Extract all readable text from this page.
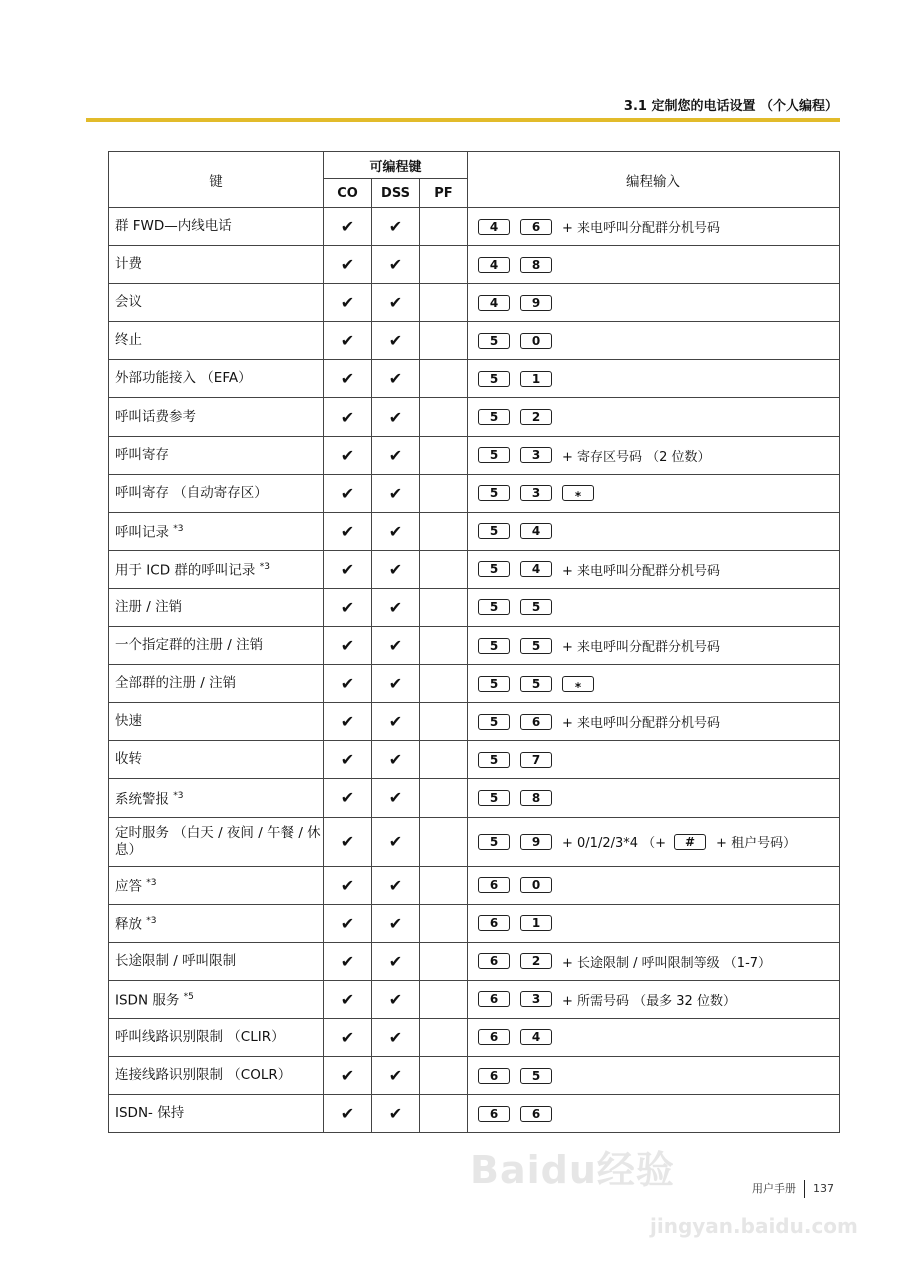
3.1 定制您的电话设置 （个人编程）
键	可编程键			编程输入
	CO	DSS	PF	
群 FWD—内线电话	✔	✔		4 6 + 来电呼叫分配群分机号码
计费	✔	✔		4 8
会议	✔	✔		4 9
终止	✔	✔		5 0
外部功能接入 （EFA）	✔	✔		5 1
呼叫话费参考	✔	✔		5 2
呼叫寄存	✔	✔		5 3 + 寄存区号码 （2 位数）
呼叫寄存 （自动寄存区）	✔	✔		5 3 ⁎
呼叫记录 $^{*3}$	✔	✔		5 4
用于 ICD 群的呼叫记录 $^{*3}$	✔	✔		5 4 + 来电呼叫分配群分机号码
注册 / 注销	✔	✔		5 5
一个指定群的注册 / 注销	✔	✔		5 5 + 来电呼叫分配群分机号码
全部群的注册 / 注销	✔	✔		5 5 ⁎
快速	✔	✔		5 6 + 来电呼叫分配群分机号码
收转	✔	✔		5 7
系统警报 $^{*3}$	✔	✔		5 8
定时服务 （白天 / 夜间 / 午餐 / 休息）	✔	✔		5 9 + 0/1/2/3*4 （+ # + 租户号码）
应答 $^{*3}$	✔	✔		6 0
释放 $^{*3}$	✔	✔		6 1
长途限制 / 呼叫限制	✔	✔		6 2 + 长途限制 / 呼叫限制等级 （1-7）
ISDN 服务 $^{*5}$	✔	✔		6 3 + 所需号码 （最多 32 位数）
呼叫线路识别限制 （CLIR）	✔	✔		6 4
连接线路识别限制 （COLR）	✔	✔		6 5
ISDN- 保持	✔	✔		6 6
Baidu经验
jingyan.baidu.com
用户手册 137
